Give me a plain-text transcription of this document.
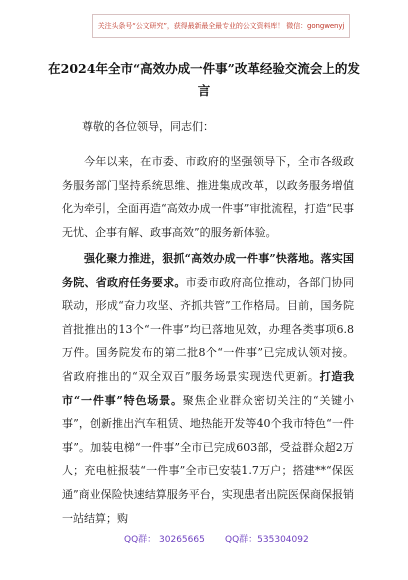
关注头条号“公文研究”，获得最新最全最专业的公文资料库！ 微信：gongwenyj
在2024年全市“高效办成一件事”改革经验交流会上的发言
尊敬的各位领导，同志们：
今年以来，在市委、市政府的坚强领导下，全市各级政务服务部门坚持系统思维、推进集成改革，以政务服务增值化为牵引，全面再造“高效办成一件事”审批流程，打造“民事无忧、企事有解、政事高效”的服务新体验。
强化聚力推进，狠抓“高效办成一件事”快落地。落实国务院、省政府任务要求。市委市政府高位推动，各部门协同联动，形成“奋力攻坚、齐抓共管”工作格局。目前，国务院首批推出的13个“一件事”均已落地见效，办理各类事项6.8万件。国务院发布的第二批8个“一件事”已完成认领对接。省政府推出的“双全双百”服务场景实现迭代更新。打造我市“一件事”特色场景。聚焦企业群众密切关注的“关键小事”，创新推出汽车租赁、地热能开发等40个我市特色“一件事”。加装电梯“一件事”全市已完成603部，受益群众超2万人；充电桩报装“一件事”全市已安装1.7万户；搭建**“保医通”商业保险快速结算服务平台，实现患者出院医保商保报销一站结算；购
QQ群： 30265665 QQ群：535304092
